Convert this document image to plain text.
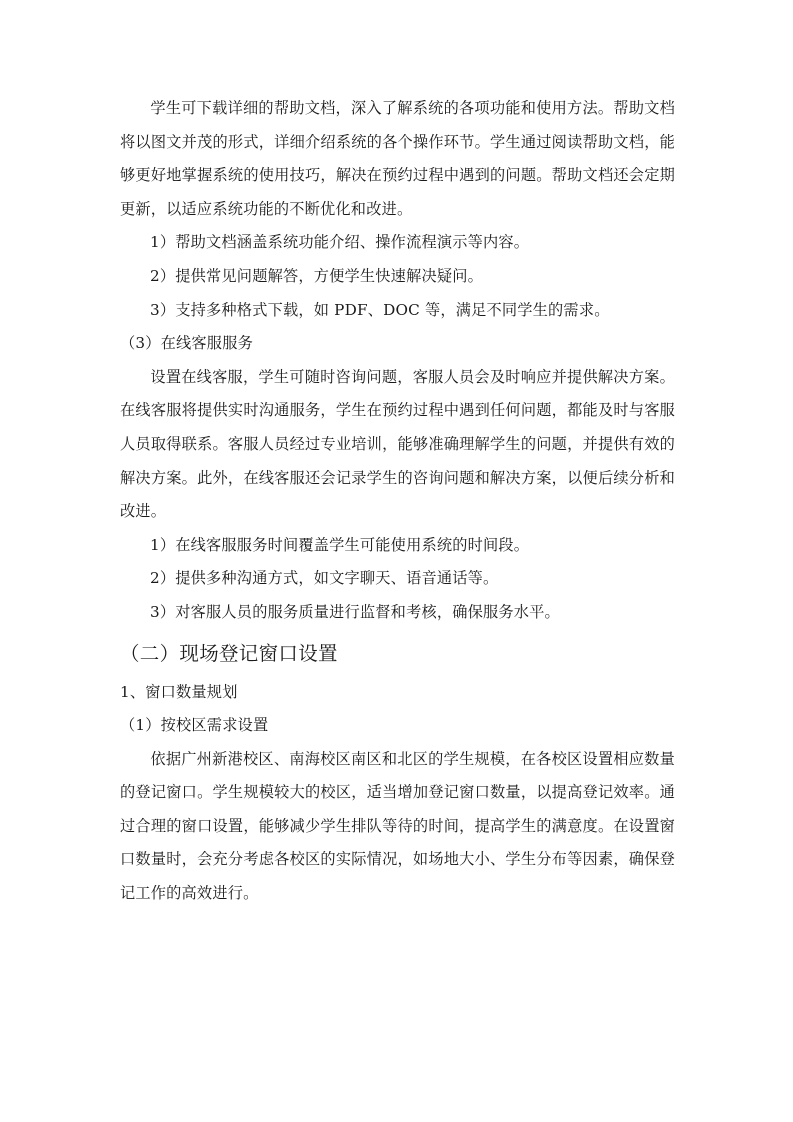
学生可下载详细的帮助文档，深入了解系统的各项功能和使用方法。帮助文档将以图文并茂的形式，详细介绍系统的各个操作环节。学生通过阅读帮助文档，能够更好地掌握系统的使用技巧，解决在预约过程中遇到的问题。帮助文档还会定期更新，以适应系统功能的不断优化和改进。

1）帮助文档涵盖系统功能介绍、操作流程演示等内容。

2）提供常见问题解答，方便学生快速解决疑问。

3）支持多种格式下载，如 PDF、DOC 等，满足不同学生的需求。

（3）在线客服服务

设置在线客服，学生可随时咨询问题，客服人员会及时响应并提供解决方案。在线客服将提供实时沟通服务，学生在预约过程中遇到任何问题，都能及时与客服人员取得联系。客服人员经过专业培训，能够准确理解学生的问题，并提供有效的解决方案。此外，在线客服还会记录学生的咨询问题和解决方案，以便后续分析和改进。

1）在线客服服务时间覆盖学生可能使用系统的时间段。

2）提供多种沟通方式，如文字聊天、语音通话等。

3）对客服人员的服务质量进行监督和考核，确保服务水平。

（二）现场登记窗口设置

1、窗口数量规划

（1）按校区需求设置

依据广州新港校区、南海校区南区和北区的学生规模，在各校区设置相应数量的登记窗口。学生规模较大的校区，适当增加登记窗口数量，以提高登记效率。通过合理的窗口设置，能够减少学生排队等待的时间，提高学生的满意度。在设置窗口数量时，会充分考虑各校区的实际情况，如场地大小、学生分布等因素，确保登记工作的高效进行。
